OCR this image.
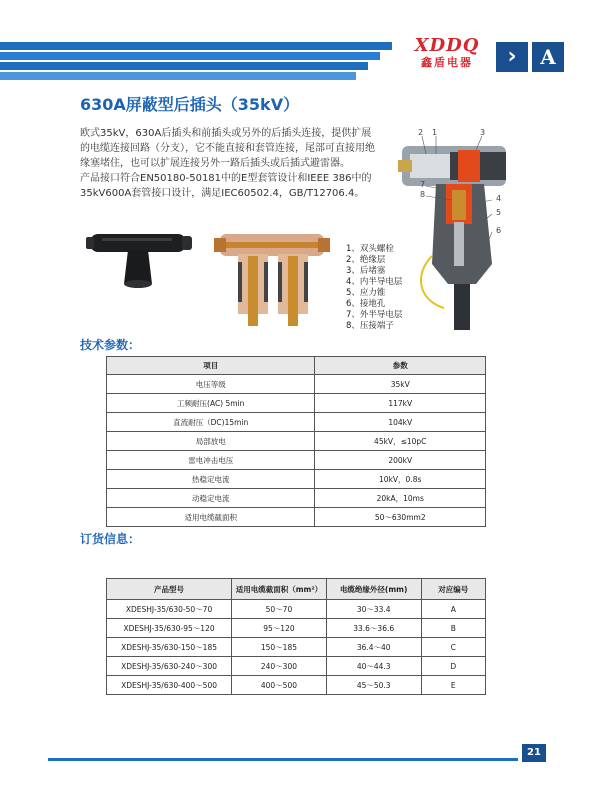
XDDQ
鑫盾电器	›	A
630A屏蔽型后插头（35kV）

欧式35kV，630A后插头和前插头或另外的后插头连接，提供扩展的电缆连接回路（分支），它不能直接和套管连接，尾部可直接用绝缘塞堵住，也可以扩展连接另外一路后插头或后插式避雷器。

产品接口符合EN50180-50181中的E型套管设计和IEEE 386中的35kV600A套管接口设计，满足IEC60502.4，GB/T12706.4。

2 1	3
7
8	4
5
6
1、双头螺栓
2、绝缘层
3、后堵塞
4、内半导电层
5、应力锥
6、接地孔
7、外半导电层
8、压接端子
技术参数：
项目	参数
电压等级	35kV
工频耐压(AC) 5min	117kV
直流耐压（DC)15min	104kV
局部放电	45kV，≤10pC
雷电冲击电压	200kV
热稳定电流	10kV，0.8s
动稳定电流	20kA，10ms
适用电缆截面积	50～630mm2
订货信息：
产品型号	适用电缆截面积（mm²）	电缆绝缘外径(mm)	对应编号
XDESHJ-35/630-50～70	50～70	30～33.4	A
XDESHJ-35/630-95～120	95～120	33.6～36.6	B
XDESHJ-35/630-150～185	150～185	36.4～40	C
XDESHJ-35/630-240～300	240～300	40～44.3	D
XDESHJ-35/630-400～500	400～500	45～50.3	E
21
